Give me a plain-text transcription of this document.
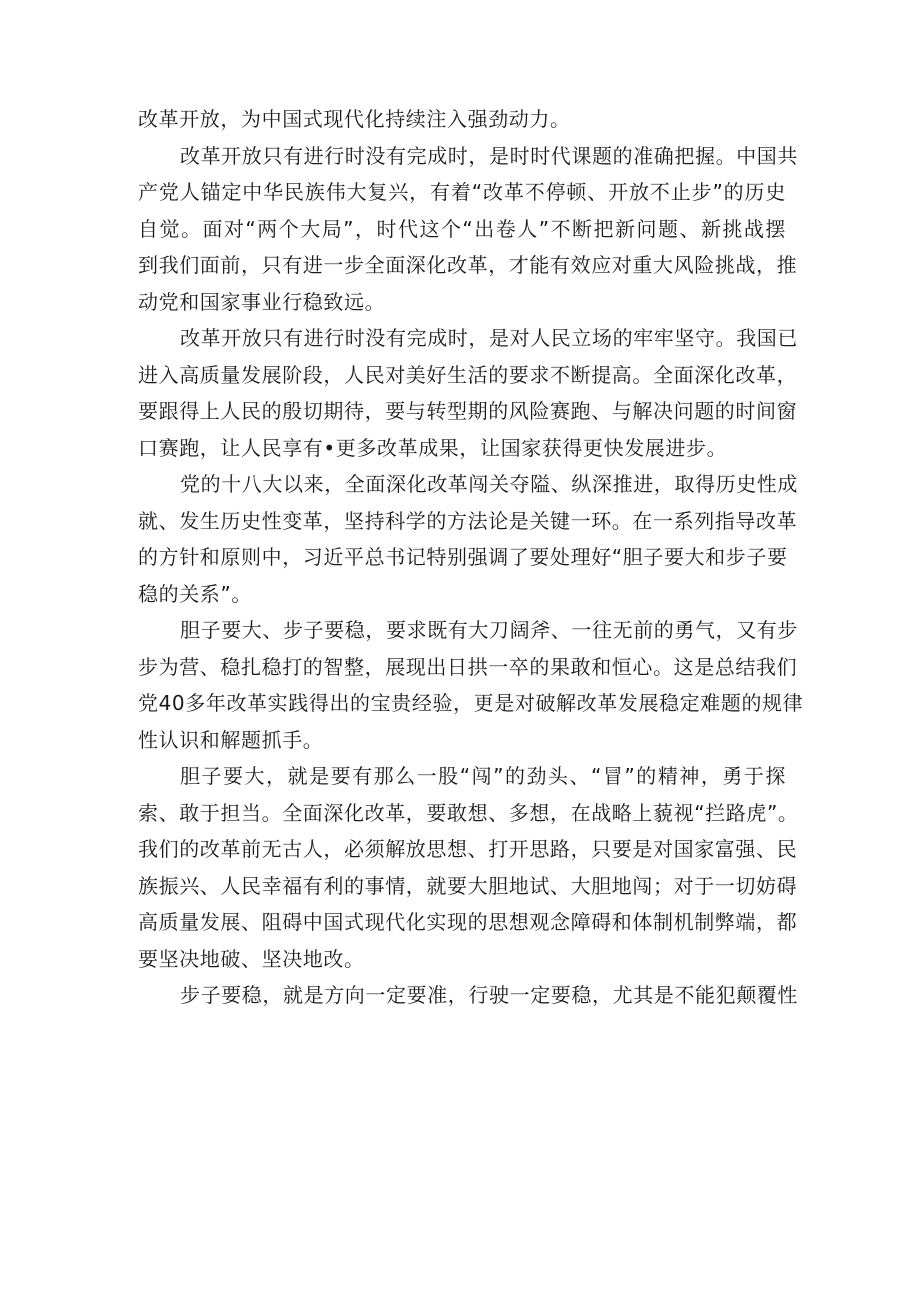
改革开放，为中国式现代化持续注入强劲动力。
改革开放只有进行时没有完成时，是时时代课题的准确把握。中国共
产党人锚定中华民族伟大复兴，有着“改革不停顿、开放不止步”的历史
自觉。面对“两个大局”，时代这个“出卷人”不断把新问题、新挑战摆
到我们面前，只有进一步全面深化改革，才能有效应对重大风险挑战，推
动党和国家事业行稳致远。
改革开放只有进行时没有完成时，是对人民立场的牢牢坚守。我国已
进入高质量发展阶段，人民对美好生活的要求不断提高。全面深化改革，
要跟得上人民的殷切期待，要与转型期的风险赛跑、与解决问题的时间窗
口赛跑，让人民享有•更多改革成果，让国家获得更快发展进步。
党的十八大以来，全面深化改革闯关夺隘、纵深推进，取得历史性成
就、发生历史性变革，坚持科学的方法论是关键一环。在一系列指导改革
的方针和原则中，习近平总书记特别强调了要处理好“胆子要大和步子要
稳的关系”。
胆子要大、步子要稳，要求既有大刀阔斧、一往无前的勇气，又有步
步为营、稳扎稳打的智整，展现出日拱一卒的果敢和恒心。这是总结我们
党40多年改革实践得出的宝贵经验，更是对破解改革发展稳定难题的规律
性认识和解题抓手。
胆子要大，就是要有那么一股“闯”的劲头、“冒”的精神，勇于探
索、敢于担当。全面深化改革，要敢想、多想，在战略上藐视“拦路虎”。
我们的改革前无古人，必须解放思想、打开思路，只要是对国家富强、民
族振兴、人民幸福有利的事情，就要大胆地试、大胆地闯；对于一切妨碍
高质量发展、阻碍中国式现代化实现的思想观念障碍和体制机制弊端，都
要坚决地破、坚决地改。
步子要稳，就是方向一定要准，行驶一定要稳，尤其是不能犯颠覆性
